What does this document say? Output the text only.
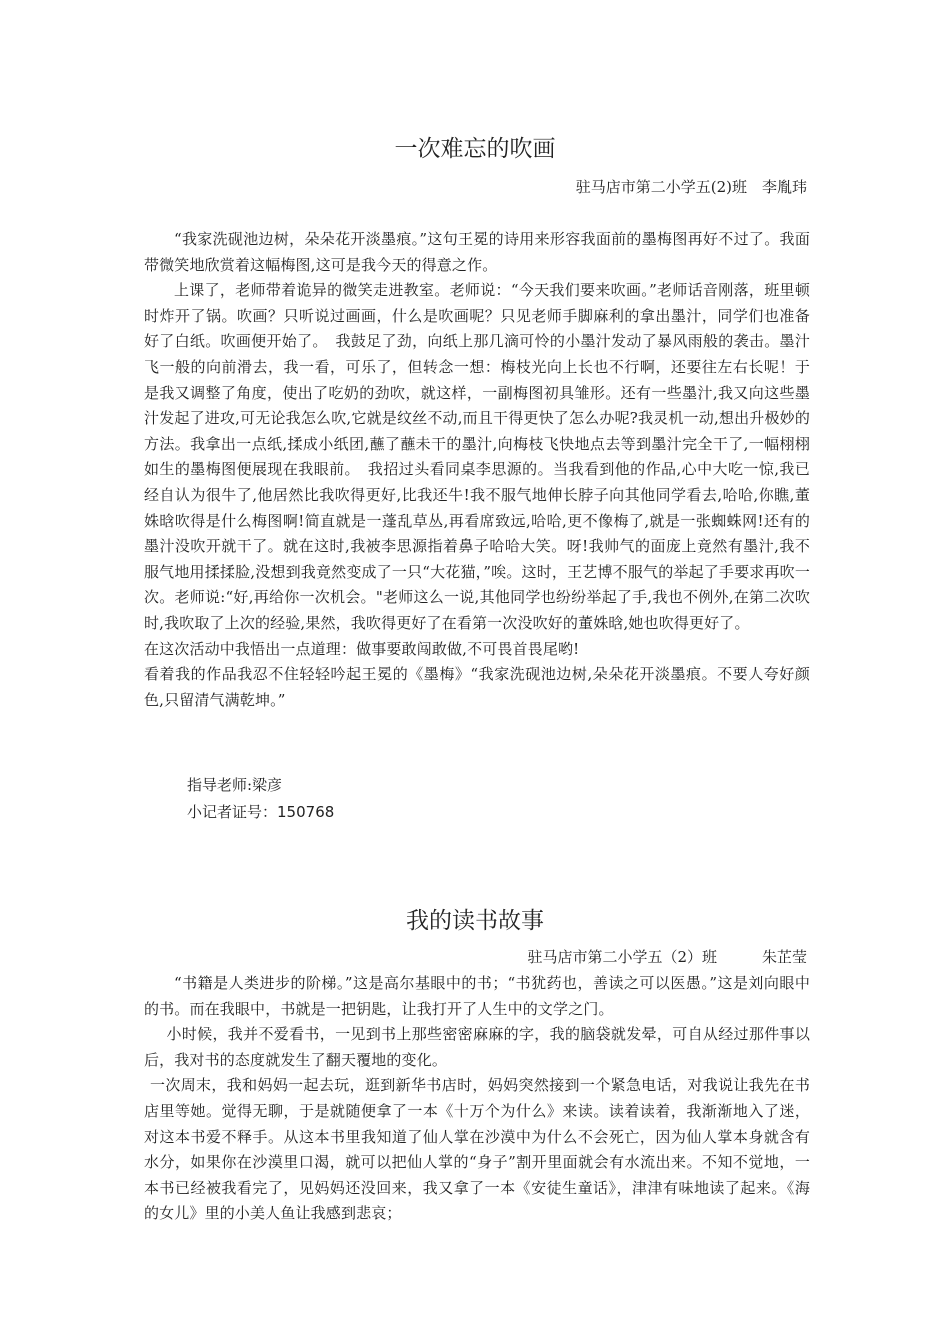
一次难忘的吹画
驻马店市第二小学五(2)班　李胤玮

“我家洗砚池边树，朵朵花开淡墨痕。”这句王冕的诗用来形容我面前的墨梅图再好不过了。我面带微笑地欣赏着这幅梅图,这可是我今天的得意之作。

上课了，老师带着诡异的微笑走进教室。老师说：“今天我们要来吹画。”老师话音刚落，班里顿时炸开了锅。吹画？只听说过画画，什么是吹画呢？只见老师手脚麻利的拿出墨汁，同学们也准备好了白纸。吹画便开始了。　我鼓足了劲，向纸上那几滴可怜的小墨汁发动了暴风雨般的袭击。墨汁飞一般的向前滑去，我一看，可乐了，但转念一想：梅枝光向上长也不行啊，还要往左右长呢！于是我又调整了角度，使出了吃奶的劲吹，就这样，一副梅图初具雏形。还有一些墨汁,我又向这些墨汁发起了进攻,可无论我怎么吹,它就是纹丝不动,而且干得更快了怎么办呢?我灵机一动,想出升极妙的方法。我拿出一点纸,揉成小纸团,蘸了蘸未干的墨汁,向梅枝飞快地点去等到墨汁完全干了,一幅栩栩如生的墨梅图便展现在我眼前。　我招过头看同桌李思源的。当我看到他的作品,心中大吃一惊,我已经自认为很牛了,他居然比我吹得更好,比我还牛!我不服气地伸长脖子向其他同学看去,哈哈,你瞧,董姝晗吹得是什么梅图啊!简直就是一蓬乱草丛,再看席致远,哈哈,更不像梅了,就是一张蜘蛛网!还有的墨汁没吹开就干了。就在这时,我被李思源指着鼻子哈哈大笑。呀!我帅气的面庞上竟然有墨汁,我不服气地用揉揉脸,没想到我竟然变成了一只“大花猫，”唉。这时，王艺博不服气的举起了手要求再吹一次。老师说:“好,再给你一次机会。"老师这么一说,其他同学也纷纷举起了手,我也不例外,在第二次吹时,我吹取了上次的经验,果然，我吹得更好了在看第一次没吹好的董姝晗,她也吹得更好了。

在这次活动中我悟出一点道理：做事要敢闯敢做,不可畏首畏尾哟!

看着我的作品我忍不住轻轻吟起王冕的《墨梅》“我家洗砚池边树,朵朵花开淡墨痕。不要人夸好颜色,只留清气满乾坤。”

指导老师:梁彦
小记者证号：150768
我的读书故事
驻马店市第二小学五（2）班　　　朱芷莹

“书籍是人类进步的阶梯。”这是高尔基眼中的书；“书犹药也，善读之可以医愚。”这是刘向眼中的书。而在我眼中，书就是一把钥匙，让我打开了人生中的文学之门。

小时候，我并不爱看书，一见到书上那些密密麻麻的字，我的脑袋就发晕，可自从经过那件事以后，我对书的态度就发生了翻天覆地的变化。

一次周末，我和妈妈一起去玩，逛到新华书店时，妈妈突然接到一个紧急电话，对我说让我先在书店里等她。觉得无聊，于是就随便拿了一本《十万个为什么》来读。读着读着，我渐渐地入了迷，对这本书爱不释手。从这本书里我知道了仙人掌在沙漠中为什么不会死亡，因为仙人掌本身就含有水分，如果你在沙漠里口渴，就可以把仙人掌的“身子”割开里面就会有水流出来。不知不觉地，一本书已经被我看完了，见妈妈还没回来，我又拿了一本《安徒生童话》，津津有味地读了起来。《海的女儿》里的小美人鱼让我感到悲哀；
